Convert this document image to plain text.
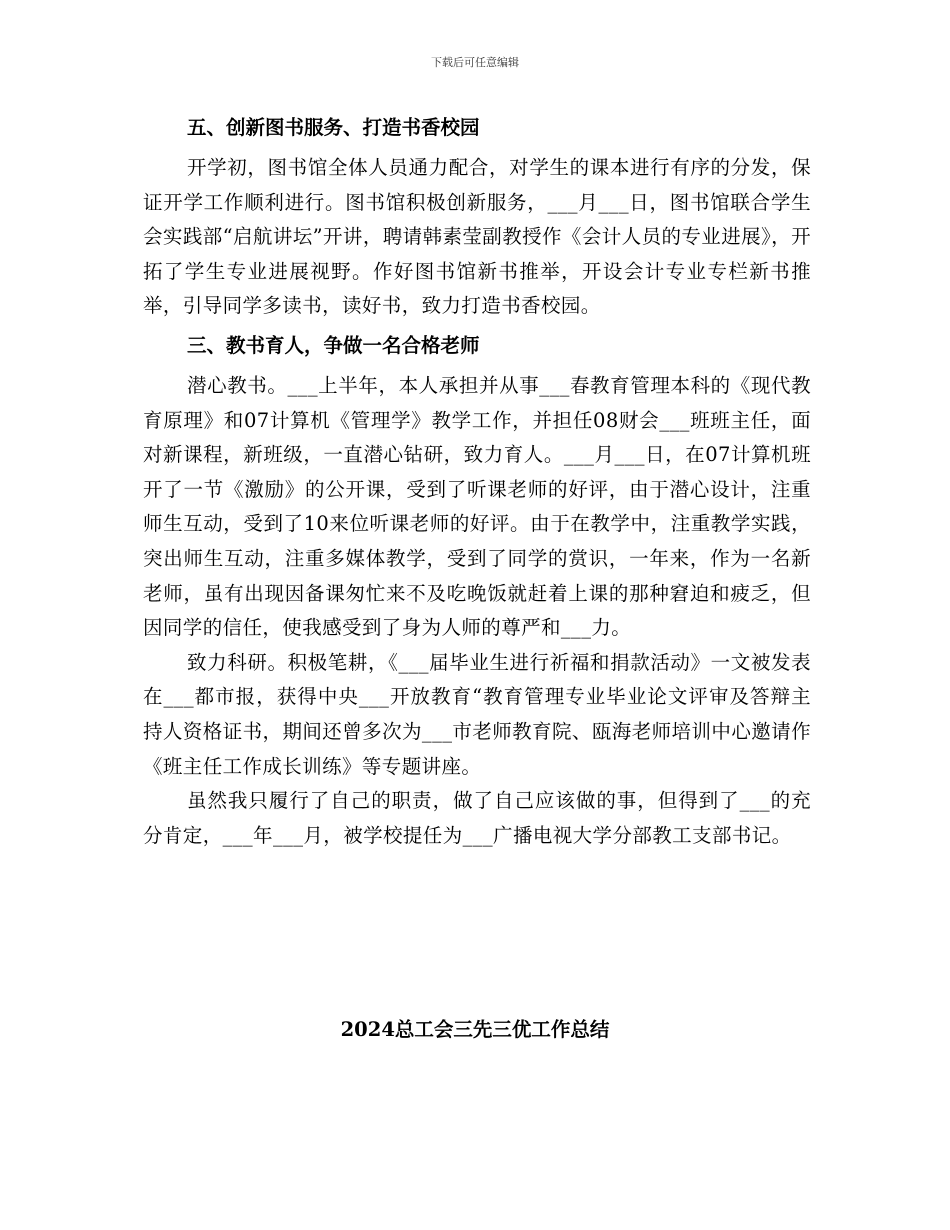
下载后可任意编辑
五、创新图书服务、打造书香校园

开学初，图书馆全体人员通力配合，对学生的课本进行有序的分发，保证开学工作顺利进行。图书馆积极创新服务，___月___日，图书馆联合学生会实践部“启航讲坛”开讲，聘请韩素莹副教授作《会计人员的专业进展》，开拓了学生专业进展视野。作好图书馆新书推举，开设会计专业专栏新书推举，引导同学多读书，读好书，致力打造书香校园。

三、教书育人，争做一名合格老师

潜心教书。___上半年，本人承担并从事___春教育管理本科的《现代教育原理》和07计算机《管理学》教学工作，并担任08财会___班班主任，面对新课程，新班级，一直潜心钻研，致力育人。___月___日，在07计算机班开了一节《激励》的公开课，受到了听课老师的好评，由于潜心设计，注重师生互动，受到了10来位听课老师的好评。由于在教学中，注重教学实践，突出师生互动，注重多媒体教学，受到了同学的赏识，一年来，作为一名新老师，虽有出现因备课匆忙来不及吃晚饭就赶着上课的那种窘迫和疲乏，但因同学的信任，使我感受到了身为人师的尊严和___力。

致力科研。积极笔耕，《___届毕业生进行祈福和捐款活动》一文被发表在___都市报，获得中央___开放教育“教育管理专业毕业论文评审及答辩主持人资格证书，期间还曾多次为___市老师教育院、瓯海老师培训中心邀请作《班主任工作成长训练》等专题讲座。

虽然我只履行了自己的职责，做了自己应该做的事，但得到了___的充分肯定，___年___月，被学校提任为___广播电视大学分部教工支部书记。

2024总工会三先三优工作总结
